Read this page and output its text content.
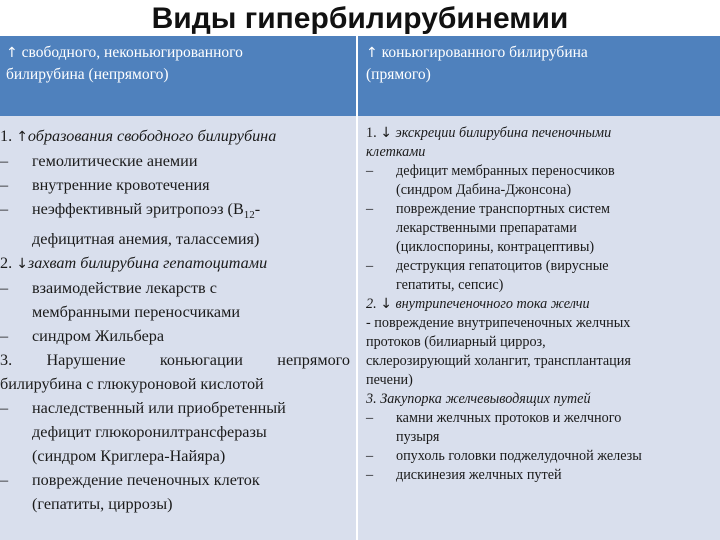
Виды гипербилирубинемии
↑ свободного, неконьюгированного
билирубина (непрямого)
↑ коньюгированного билирубина
(прямого)
1. ↑образования свободного билирубина
– гемолитические анемии
– внутренние кровотечения
– неэффективный эритропоэз ($B_{12}-$
дефицитная анемия, талассемия)
2. ↓захват билирубина гепатоцитами
– взаимодействие лекарств с
мембранными переносчиками
– синдром Жильбера
3. Нарушение коньюгации непрямого
билирубина с глюкуроновой кислотой
– наследственный или приобретенный
дефицит глюкоронилтрансферазы
(синдром Криглера-Найяра)
– повреждение печеночных клеток
(гепатиты, циррозы)
1. ↓ экскреции билирубина печеночными
клетками
– дефицит мембранных переносчиков
(синдром Дабина-Джонсона)
– повреждение транспортных систем
лекарственными препаратами
(циклоспорины, контрацептивы)
– деструкция гепатоцитов (вирусные
гепатиты, сепсис)
2. ↓ внутрипеченочного тока желчи
- повреждение внутрипеченочных желчных
протоков (билиарный цирроз,
склерозирующий холангит, трансплантация
печени)
3. Закупорка желчевыводящих путей
– камни желчных протоков и желчного
пузыря
– опухоль головки поджелудочной железы
– дискинезия желчных путей
